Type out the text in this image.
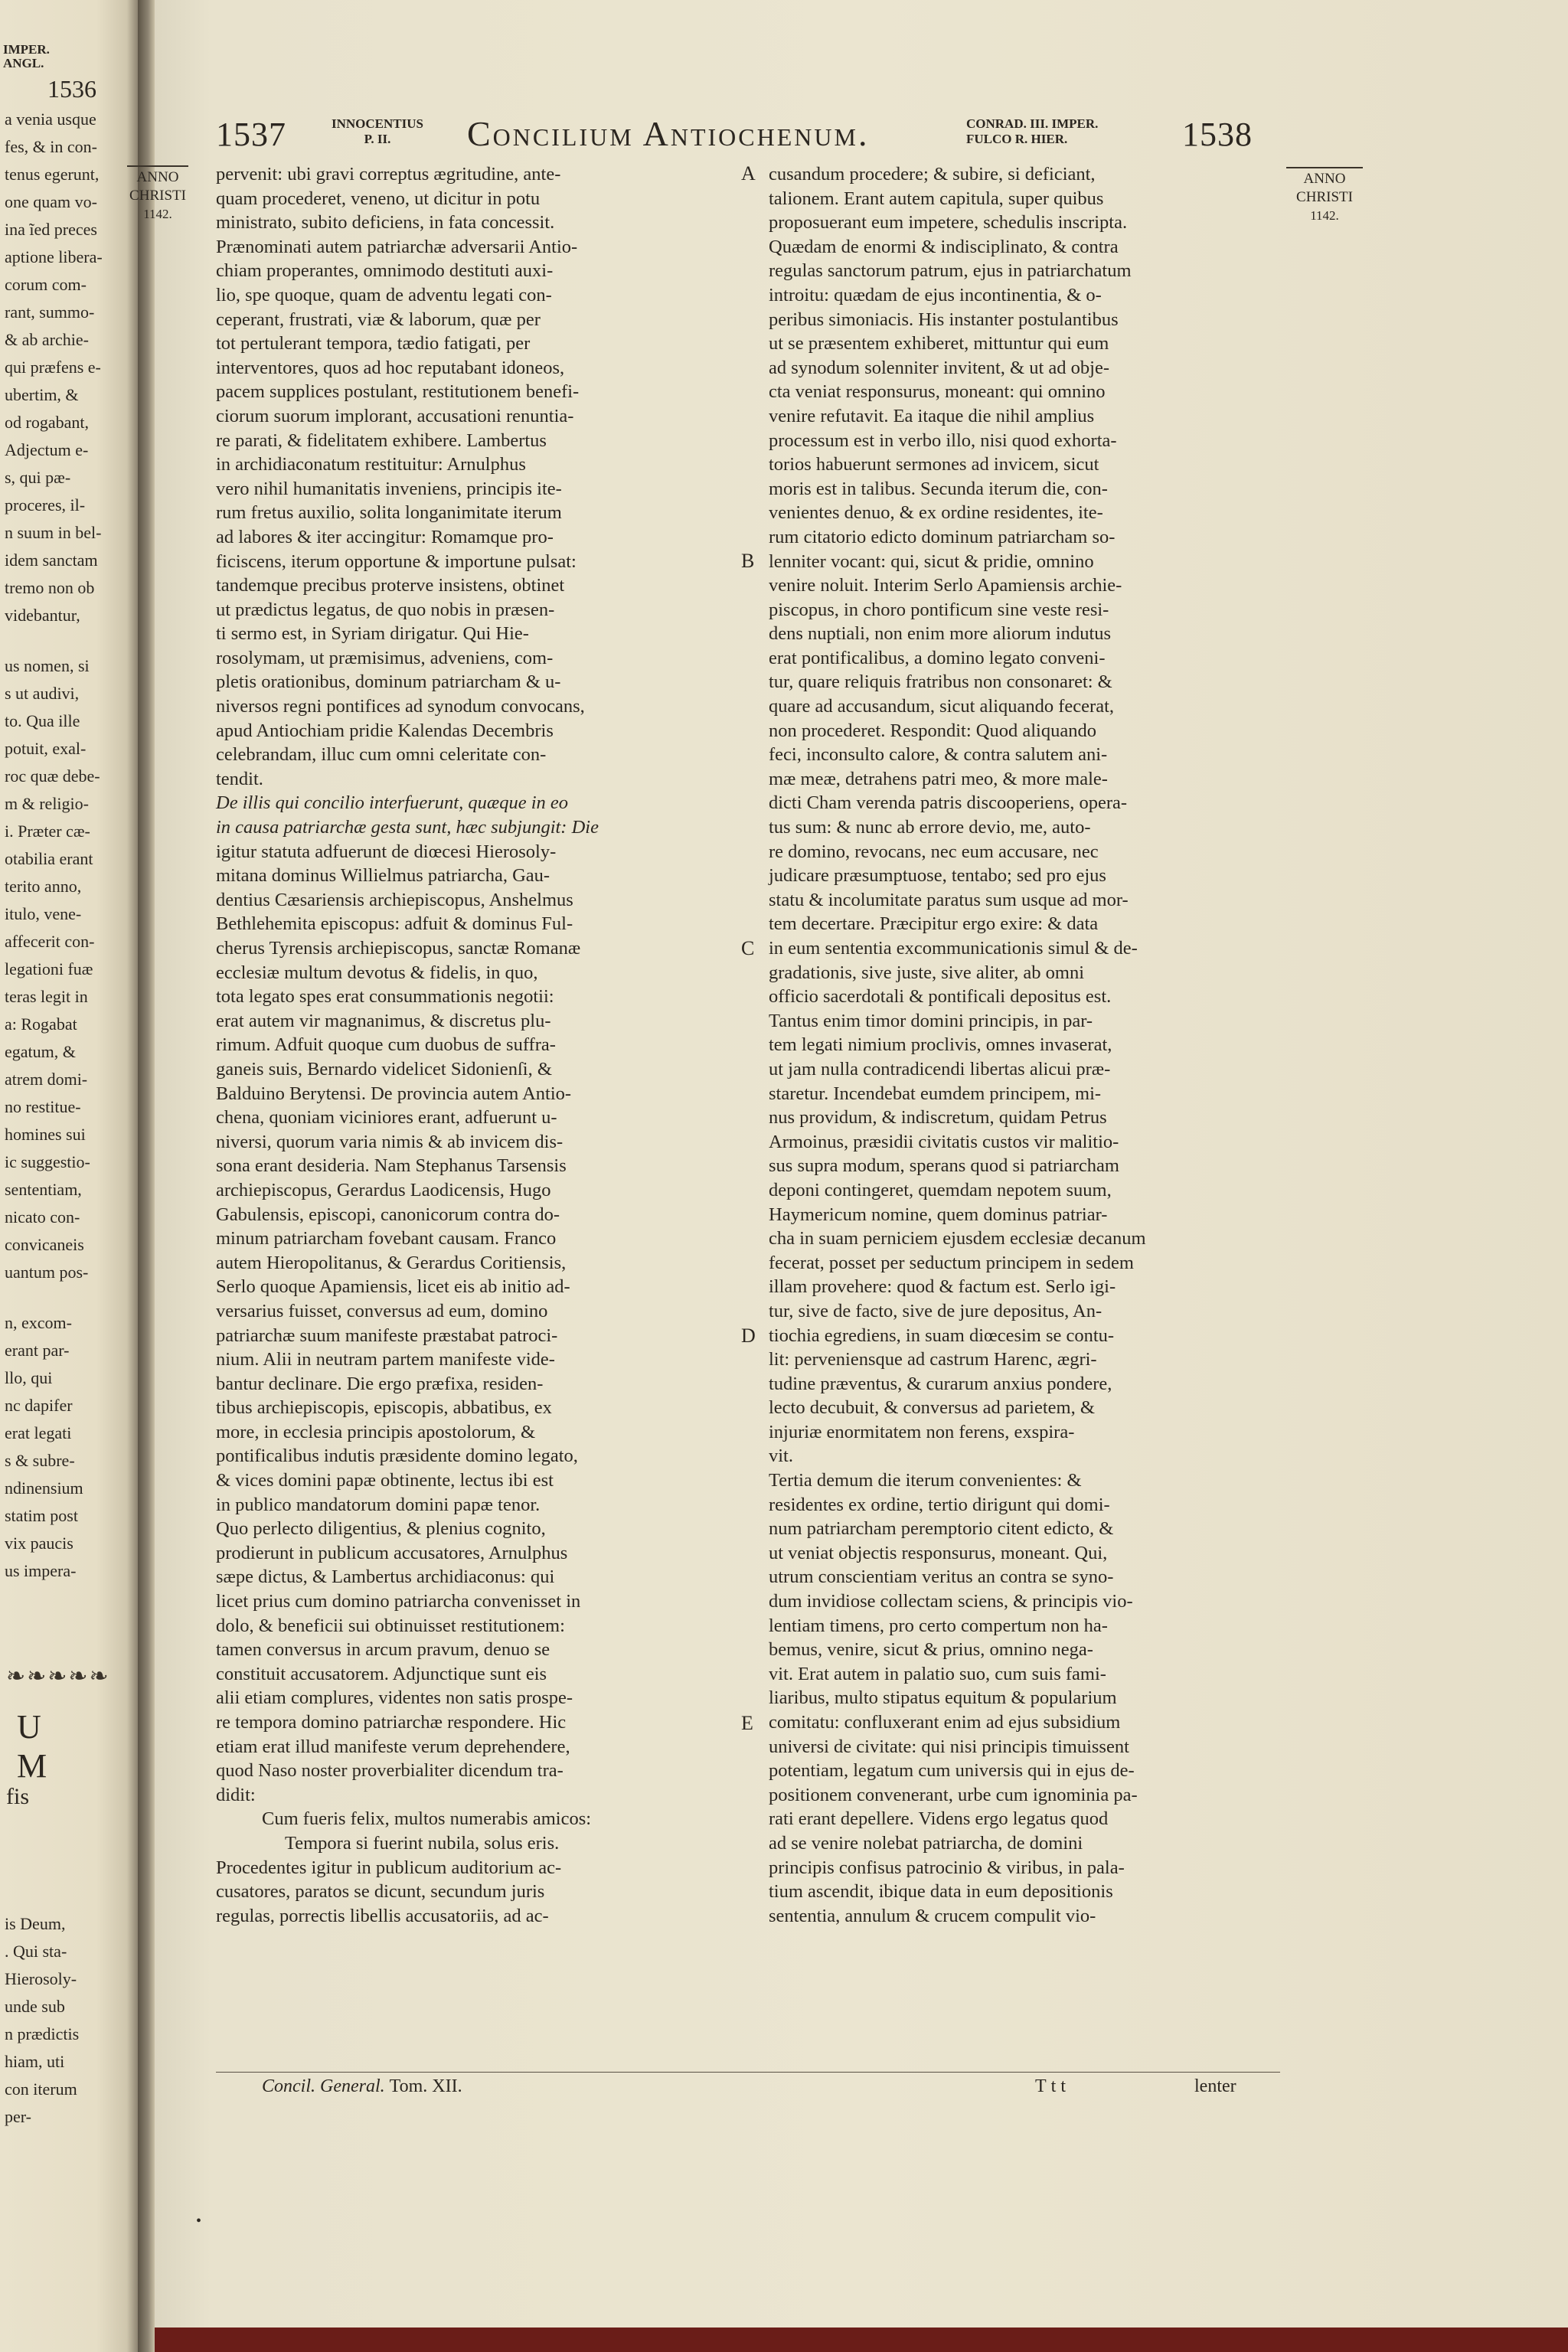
IMPER.
ANGL.
1536
a venia usque
fes, & in con-
tenus egerunt,
one quam vo-
ina ĩed preces
aptione libera-
corum com-
rant, summo-
& ab archie-
qui præfens e-
ubertim, &
od rogabant,
Adjectum e-
s, qui pæ-
proceres, il-
n suum in bel-
idem sanctam
tremo non ob
videbantur,
us nomen, si
s ut audivi,
to. Qua ille
potuit, exal-
roc quæ debe-
m & religio-
i. Præter cæ-
otabilia erant
terito anno,
itulo, vene-
affecerit con-
legationi fuæ
teras legit in
a: Rogabat
egatum, &
atrem domi-
no restitue-
homines sui
ic suggestio-
sententiam,
nicato con-
convicaneis
uantum pos-
n, excom-
erant par-
llo, qui
nc dapifer
erat legati
s & subre-
ndinensium
statim post
vix paucis
us impera-
❧❧❧❧❧
U M
fis
is Deum,
. Qui sta-
Hierosoly-
unde sub
n prædictis
hiam, uti
con iterum
per-
1537	INNOCENTIUS
P. II.	Concilium Antiochenum.	CONRAD. III. IMPER.
FULCO R. HIER.	1538
ANNO
CHRISTI
1142.
ANNO
CHRISTI
1142.
pervenit: ubi gravi correptus ægritudine, ante-
quam procederet, veneno, ut dicitur in potu
ministrato, subito deficiens, in fata concessit.
Prænominati autem patriarchæ adversarii Antio-
chiam properantes, omnimodo destituti auxi-
lio, spe quoque, quam de adventu legati con-
ceperant, frustrati, viæ & laborum, quæ per
tot pertulerant tempora, tædio fatigati, per
interventores, quos ad hoc reputabant idoneos,
pacem supplices postulant, restitutionem benefi-
ciorum suorum implorant, accusationi renuntia-
re parati, & fidelitatem exhibere. Lambertus
in archidiaconatum restituitur: Arnulphus
vero nihil humanitatis inveniens, principis ite-
rum fretus auxilio, solita longanimitate iterum
ad labores & iter accingitur: Romamque pro-
ficiscens, iterum opportune & importune pulsat:
tandemque precibus proterve insistens, obtinet
ut prædictus legatus, de quo nobis in præsen-
ti sermo est, in Syriam dirigatur. Qui Hie-
rosolymam, ut præmisimus, adveniens, com-
pletis orationibus, dominum patriarcham & u-
niversos regni pontifices ad synodum convocans,
apud Antiochiam pridie Kalendas Decembris
celebrandam, illuc cum omni celeritate con-
tendit.
De illis qui concilio interfuerunt, quæque in eo
in causa patriarchæ gesta sunt, hæc subjungit: Die
igitur statuta adfuerunt de diœcesi Hierosoly-
mitana dominus Willielmus patriarcha, Gau-
dentius Cæsariensis archiepiscopus, Anshelmus
Bethlehemita episcopus: adfuit & dominus Ful-
cherus Tyrensis archiepiscopus, sanctæ Romanæ
ecclesiæ multum devotus & fidelis, in quo,
tota legato spes erat consummationis negotii:
erat autem vir magnanimus, & discretus plu-
rimum. Adfuit quoque cum duobus de suffra-
ganeis suis, Bernardo videlicet Sidonienſi, &
Balduino Berytensi. De provincia autem Antio-
chena, quoniam viciniores erant, adfuerunt u-
niversi, quorum varia nimis & ab invicem dis-
sona erant desideria. Nam Stephanus Tarsensis
archiepiscopus, Gerardus Laodicensis, Hugo
Gabulensis, episcopi, canonicorum contra do-
minum patriarcham fovebant causam. Franco
autem Hieropolitanus, & Gerardus Coritiensis,
Serlo quoque Apamiensis, licet eis ab initio ad-
versarius fuisset, conversus ad eum, domino
patriarchæ suum manifeste præstabat patroci-
nium. Alii in neutram partem manifeste vide-
bantur declinare. Die ergo præfixa, residen-
tibus archiepiscopis, episcopis, abbatibus, ex
more, in ecclesia principis apostolorum, &
pontificalibus indutis præsidente domino legato,
& vices domini papæ obtinente, lectus ibi est
in publico mandatorum domini papæ tenor.
Quo perlecto diligentius, & plenius cognito,
prodierunt in publicum accusatores, Arnulphus
sæpe dictus, & Lambertus archidiaconus: qui
licet prius cum domino patriarcha convenisset in
dolo, & beneficii sui obtinuisset restitutionem:
tamen conversus in arcum pravum, denuo se
constituit accusatorem. Adjunctique sunt eis
alii etiam complures, videntes non satis prospe-
re tempora domino patriarchæ respondere. Hic
etiam erat illud manifeste verum deprehendere,
quod Naso noster proverbialiter dicendum tra-
didit:
Cum fueris felix, multos numerabis amicos:
Tempora si fuerint nubila, solus eris.
Procedentes igitur in publicum auditorium ac-
cusatores, paratos se dicunt, secundum juris
regulas, porrectis libellis accusatoriis, ad ac-
cusandum procedere; & subire, si deficiant,
talionem. Erant autem capitula, super quibus
proposuerant eum impetere, schedulis inscripta.
Quædam de enormi & indisciplinato, & contra
regulas sanctorum patrum, ejus in patriarchatum
introitu: quædam de ejus incontinentia, & o-
peribus simoniacis. His instanter postulantibus
ut se præsentem exhiberet, mittuntur qui eum
ad synodum solenniter invitent, & ut ad obje-
cta veniat responsurus, moneant: qui omnino
venire refutavit. Ea itaque die nihil amplius
processum est in verbo illo, nisi quod exhorta-
torios habuerunt sermones ad invicem, sicut
moris est in talibus. Secunda iterum die, con-
venientes denuo, & ex ordine residentes, ite-
rum citatorio edicto dominum patriarcham so-
lenniter vocant: qui, sicut & pridie, omnino
venire noluit. Interim Serlo Apamiensis archie-
piscopus, in choro pontificum sine veste resi-
dens nuptiali, non enim more aliorum indutus
erat pontificalibus, a domino legato conveni-
tur, quare reliquis fratribus non consonaret: &
quare ad accusandum, sicut aliquando fecerat,
non procederet. Respondit: Quod aliquando
feci, inconsulto calore, & contra salutem ani-
mæ meæ, detrahens patri meo, & more male-
dicti Cham verenda patris discooperiens, opera-
tus sum: & nunc ab errore devio, me, auto-
re domino, revocans, nec eum accusare, nec
judicare præsumptuose, tentabo; sed pro ejus
statu & incolumitate paratus sum usque ad mor-
tem decertare. Præcipitur ergo exire: & data
in eum sententia excommunicationis simul & de-
gradationis, sive juste, sive aliter, ab omni
officio sacerdotali & pontificali depositus est.
Tantus enim timor domini principis, in par-
tem legati nimium proclivis, omnes invaserat,
ut jam nulla contradicendi libertas alicui præ-
staretur. Incendebat eumdem principem, mi-
nus providum, & indiscretum, quidam Petrus
Armoinus, præsidii civitatis custos vir malitio-
sus supra modum, sperans quod si patriarcham
deponi contingeret, quemdam nepotem suum,
Haymericum nomine, quem dominus patriar-
cha in suam perniciem ejusdem ecclesiæ decanum
fecerat, posset per seductum principem in sedem
illam provehere: quod & factum est. Serlo igi-
tur, sive de facto, sive de jure depositus, An-
tiochia egrediens, in suam diœcesim se contu-
lit: perveniensque ad castrum Harenc, ægri-
tudine præventus, & curarum anxius pondere,
lecto decubuit, & conversus ad parietem, &
injuriæ enormitatem non ferens, exspira-
vit.
Tertia demum die iterum convenientes: &
residentes ex ordine, tertio dirigunt qui domi-
num patriarcham peremptorio citent edicto, &
ut veniat objectis responsurus, moneant. Qui,
utrum conscientiam veritus an contra se syno-
dum invidiose collectam sciens, & principis vio-
lentiam timens, pro certo compertum non ha-
bemus, venire, sicut & prius, omnino nega-
vit. Erat autem in palatio suo, cum suis fami-
liaribus, multo stipatus equitum & popularium
comitatu: confluxerant enim ad ejus subsidium
universi de civitate: qui nisi principis timuissent
potentiam, legatum cum universis qui in ejus de-
positionem convenerant, urbe cum ignominia pa-
rati erant depellere. Videns ergo legatus quod
ad se venire nolebat patriarcha, de domini
principis confisus patrocinio & viribus, in pala-
tium ascendit, ibique data in eum depositionis
sententia, annulum & crucem compulit vio-
A
B
C
D
E
Concil. General. Tom. XII.	Ttt	lenter
•
